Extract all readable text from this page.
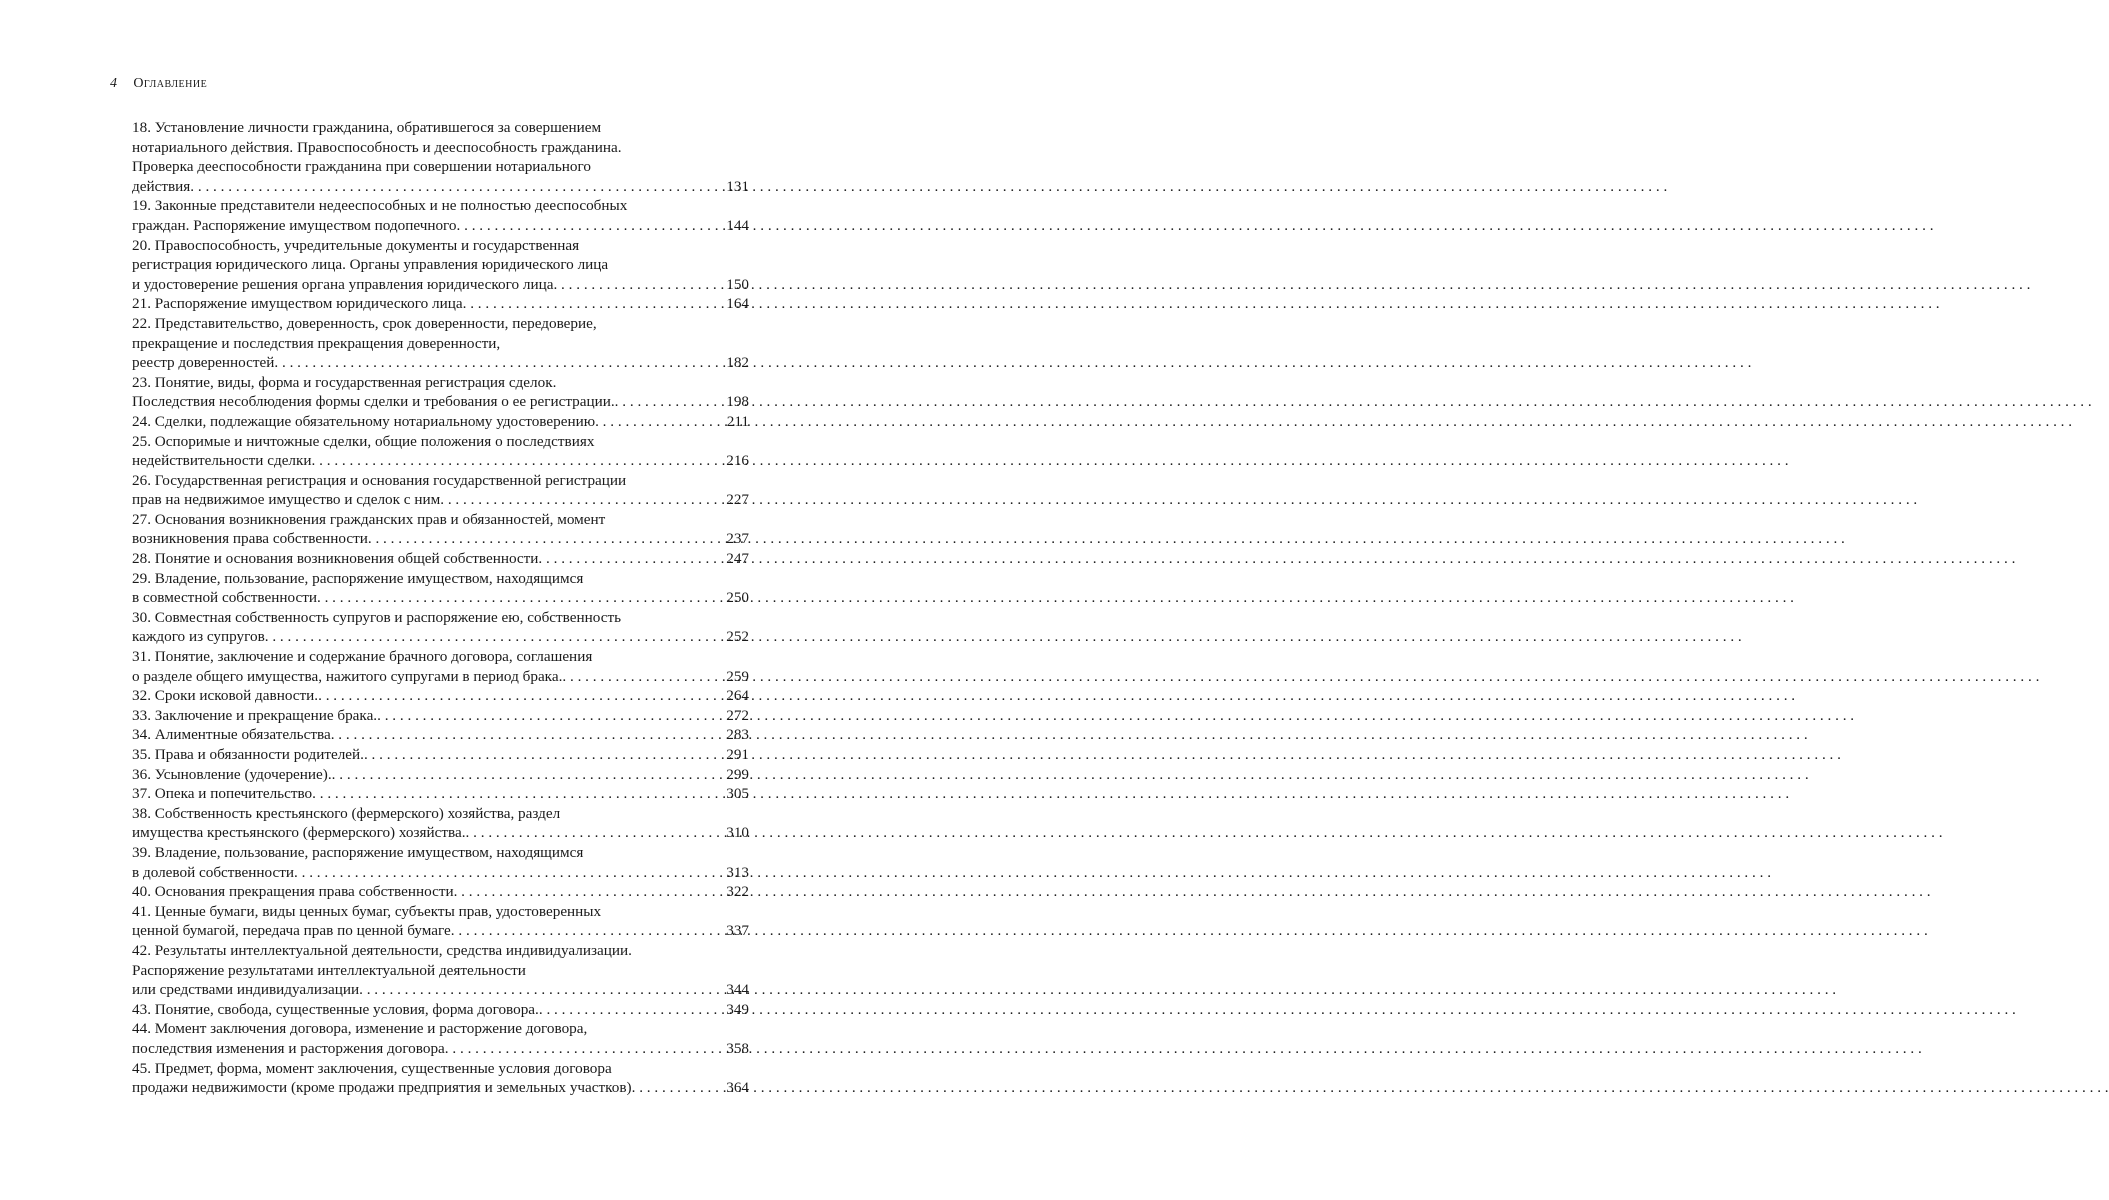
4 Оглавление
18. Установление личности гражданина, обратившегося за совершением
нотариального действия. Правоспособность и дееспособность гражданина.
Проверка дееспособности гражданина при совершении нотариального
действия . . .	131
19. Законные представители недееспособных и не полностью дееспособных
граждан. Распоряжение имуществом подопечного . . .	144
20. Правоспособность, учредительные документы и государственная
регистрация юридического лица. Органы управления юридического лица
и удостоверение решения органа управления юридического лица . . .	150
21. Распоряжение имуществом юридического лица . . .	164
22. Представительство, доверенность, срок доверенности, передоверие,
прекращение и последствия прекращения доверенности,
реестр доверенностей . . .	182
23. Понятие, виды, форма и государственная регистрация сделок.
Последствия несоблюдения формы сделки и требования о ее регистрации. . . .	198
24. Сделки, подлежащие обязательному нотариальному удостоверению . . .	211
25. Оспоримые и ничтожные сделки, общие положения о последствиях
недействительности сделки . . .	216
26. Государственная регистрация и основания государственной регистрации
прав на недвижимое имущество и сделок с ним . . .	227
27. Основания возникновения гражданских прав и обязанностей, момент
возникновения права собственности . . .	237
28. Понятие и основания возникновения общей собственности . . .	247
29. Владение, пользование, распоряжение имуществом, находящимся
в совместной собственности . . .	250
30. Совместная собственность супругов и распоряжение ею, собственность
каждого из супругов . . .	252
31. Понятие, заключение и содержание брачного договора, соглашения
о разделе общего имущества, нажитого супругами в период брака. . . .	259
32. Сроки исковой давности. . . .	264
33. Заключение и прекращение брака. . . .	272
34. Алиментные обязательства . . .	283
35. Права и обязанности родителей. . . .	291
36. Усыновление (удочерение). . . .	299
37. Опека и попечительство . . .	305
38. Собственность крестьянского (фермерского) хозяйства, раздел
имущества крестьянского (фермерского) хозяйства. . . .	310
39. Владение, пользование, распоряжение имуществом, находящимся
в долевой собственности . . .	313
40. Основания прекращения права собственности . . .	322
41. Ценные бумаги, виды ценных бумаг, субъекты прав, удостоверенных
ценной бумагой, передача прав по ценной бумаге . . .	337
42. Результаты интеллектуальной деятельности, средства индивидуализации.
Распоряжение результатами интеллектуальной деятельности
или средствами индивидуализации . . .	344
43. Понятие, свобода, существенные условия, форма договора. . . .	349
44. Момент заключения договора, изменение и расторжение договора,
последствия изменения и расторжения договора . . .	358
45. Предмет, форма, момент заключения, существенные условия договора
продажи недвижимости (кроме продажи предприятия и земельных участков) . . .	364
